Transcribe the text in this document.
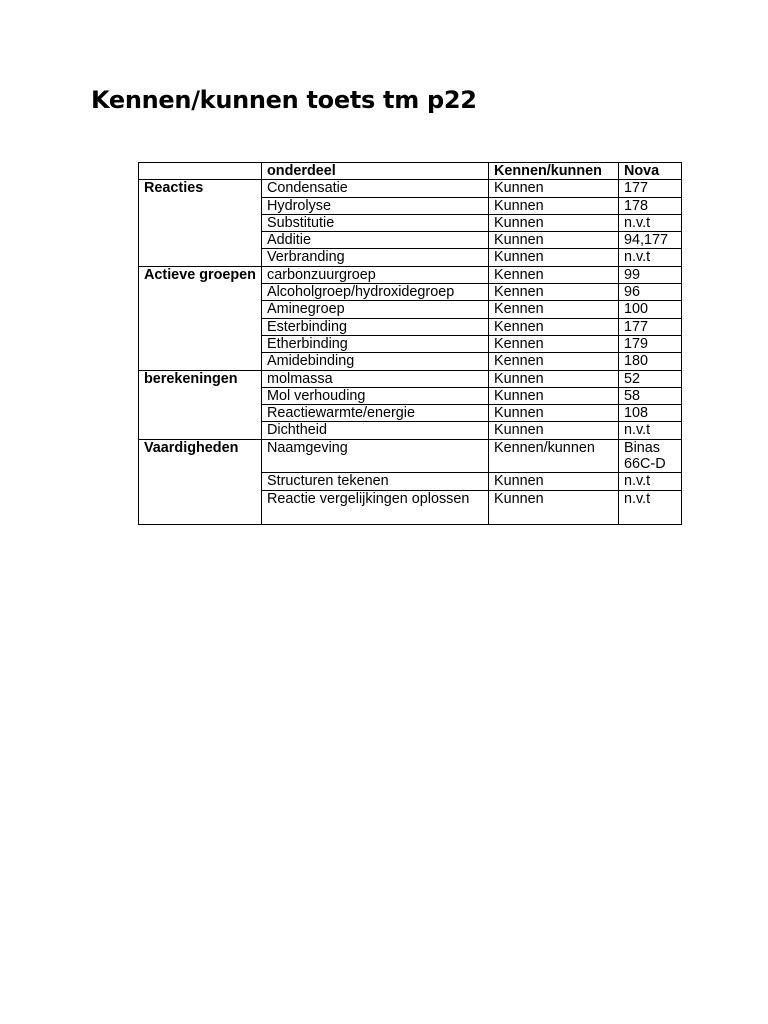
Kennen/kunnen toets tm p22
	onderdeel	Kennen/kunnen	Nova
Reacties	Condensatie	Kunnen	177
	Hydrolyse	Kunnen	178
	Substitutie	Kunnen	n.v.t
	Additie	Kunnen	94,177
	Verbranding	Kunnen	n.v.t
Actieve groepen	carbonzuurgroep	Kennen	99
	Alcoholgroep/hydroxidegroep	Kennen	96
	Aminegroep	Kennen	100
	Esterbinding	Kennen	177
	Etherbinding	Kennen	179
	Amidebinding	Kennen	180
berekeningen	molmassa	Kunnen	52
	Mol verhouding	Kunnen	58
	Reactiewarmte/energie	Kunnen	108
	Dichtheid	Kunnen	n.v.t
Vaardigheden	Naamgeving	Kennen/kunnen	Binas 66C-D
	Structuren tekenen	Kunnen	n.v.t
	Reactie vergelijkingen oplossen	Kunnen	n.v.t
